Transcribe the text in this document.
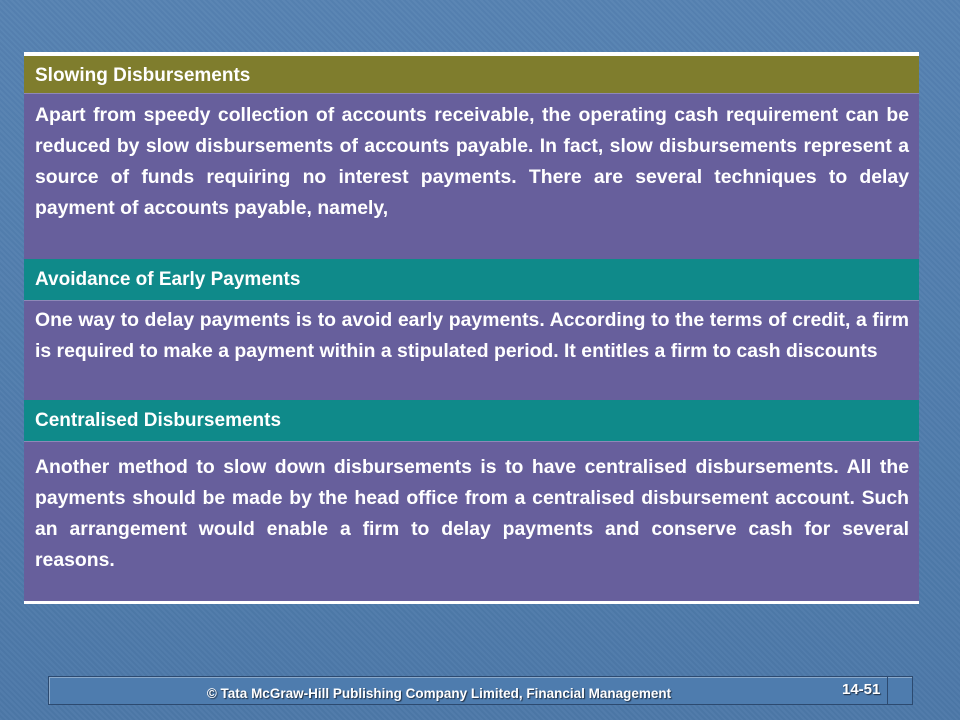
Slowing Disbursements
Apart from speedy collection of accounts receivable, the operating cash requirement can be reduced by slow disbursements of accounts payable. In fact, slow disbursements represent a source of funds requiring no interest payments. There are several techniques to delay payment of accounts payable, namely,
Avoidance of Early Payments
One way to delay payments is to avoid early payments. According to the terms of credit, a firm is required to make a payment within a stipulated period. It entitles a firm to cash discounts
Centralised Disbursements
Another method to slow down disbursements is to have centralised disbursements. All the payments should be made by the head office from a centralised disbursement account. Such an arrangement would enable a firm to delay payments and conserve cash for several reasons.
© Tata McGraw-Hill Publishing Company Limited, Financial Management	14-51
